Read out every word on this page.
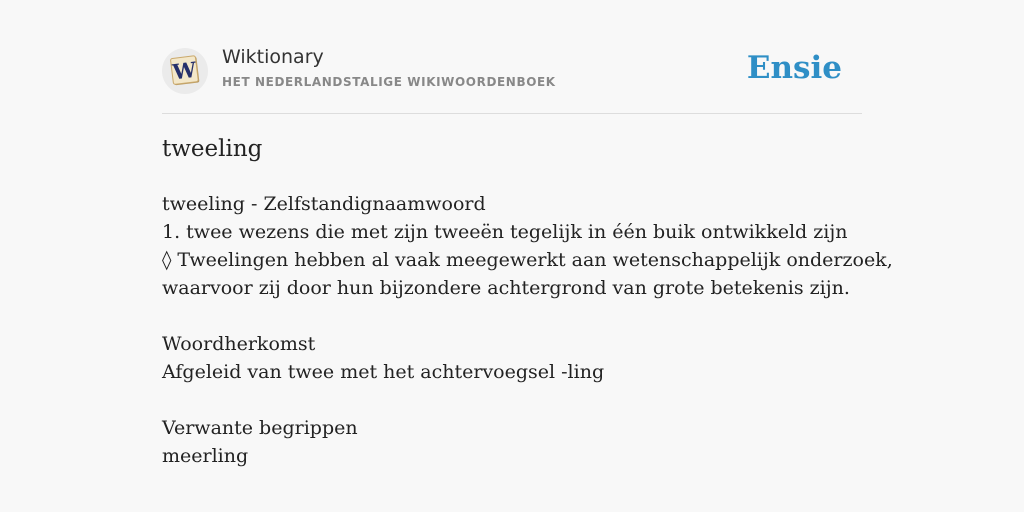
W Wiktionary
HET NEDERLANDSTALIGE WIKIWOORDENBOEK	Ensie
tweeling
tweeling - Zelfstandignaamwoord
1. twee wezens die met zijn tweeën tegelijk in één buik ontwikkeld zijn
◊ Tweelingen hebben al vaak meegewerkt aan wetenschappelijk onderzoek,
waarvoor zij door hun bijzondere achtergrond van grote betekenis zijn.
Woordherkomst
Afgeleid van twee met het achtervoegsel -ling
Verwante begrippen
meerling
